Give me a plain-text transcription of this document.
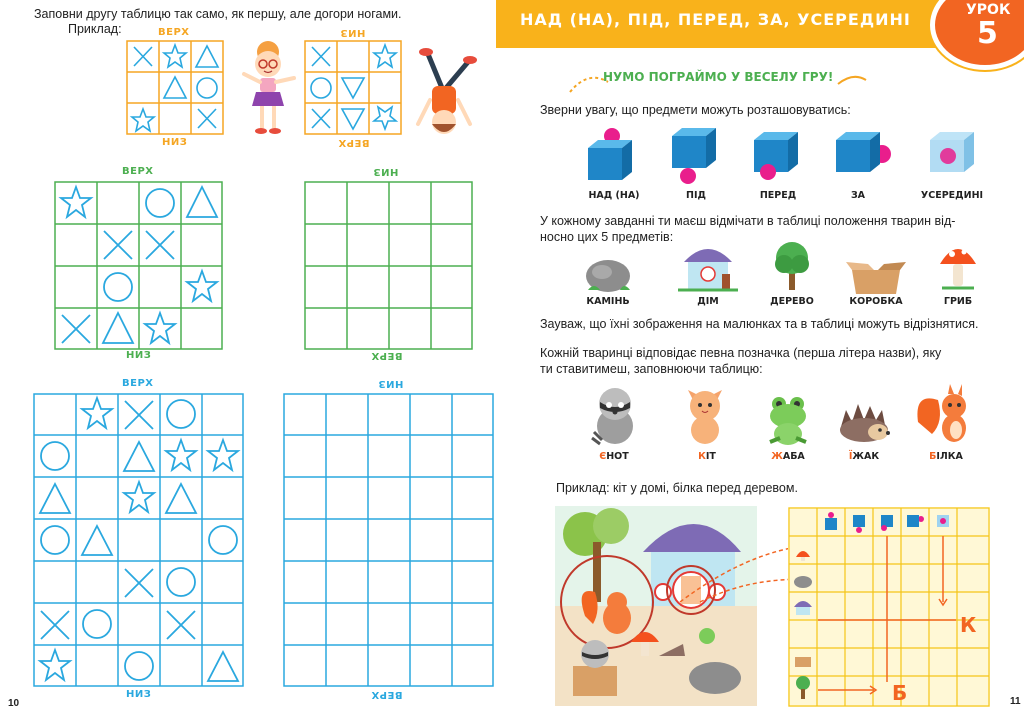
Заповни другу таблицю так само, як першу, але догори ногами.
Приклад:	ВЕРХ
НИЗ
НИЗ
ВЕРХ
ВЕРХ
НИЗ
НИЗ
ВЕРХ
ВЕРХ
НИЗ
НИЗ
ВЕРХ
10
НАД (НА), ПІД, ПЕРЕД, ЗА, УСЕРЕДИНІ	УРОК
5
НУМО ПОГРАЙМО У ВЕСЕЛУ ГРУ!
Зверни увагу, що предмети можуть розташовуватись:
НАД (НА)	ПІД	ПЕРЕД	ЗА	УСЕРЕДИНІ
У кожному завданні ти маєш відмічати в таблиці положення тварин від-
носно цих 5 предметів:
КАМІНЬ	ДІМ	ДЕРЕВО	КОРОБКА	ГРИБ
Зауваж, що їхні зображення на малюнках та в таблиці можуть відрізнятися.
Кожній тваринці відповідає певна позначка (перша літера назви), яку
ти ставитимеш, заповнюючи таблицю:
ЄНОТ	КІТ	ЖАБА	ЇЖАК	БІЛКА
Приклад: кіт у домі, білка перед деревом.
К
Б	11
